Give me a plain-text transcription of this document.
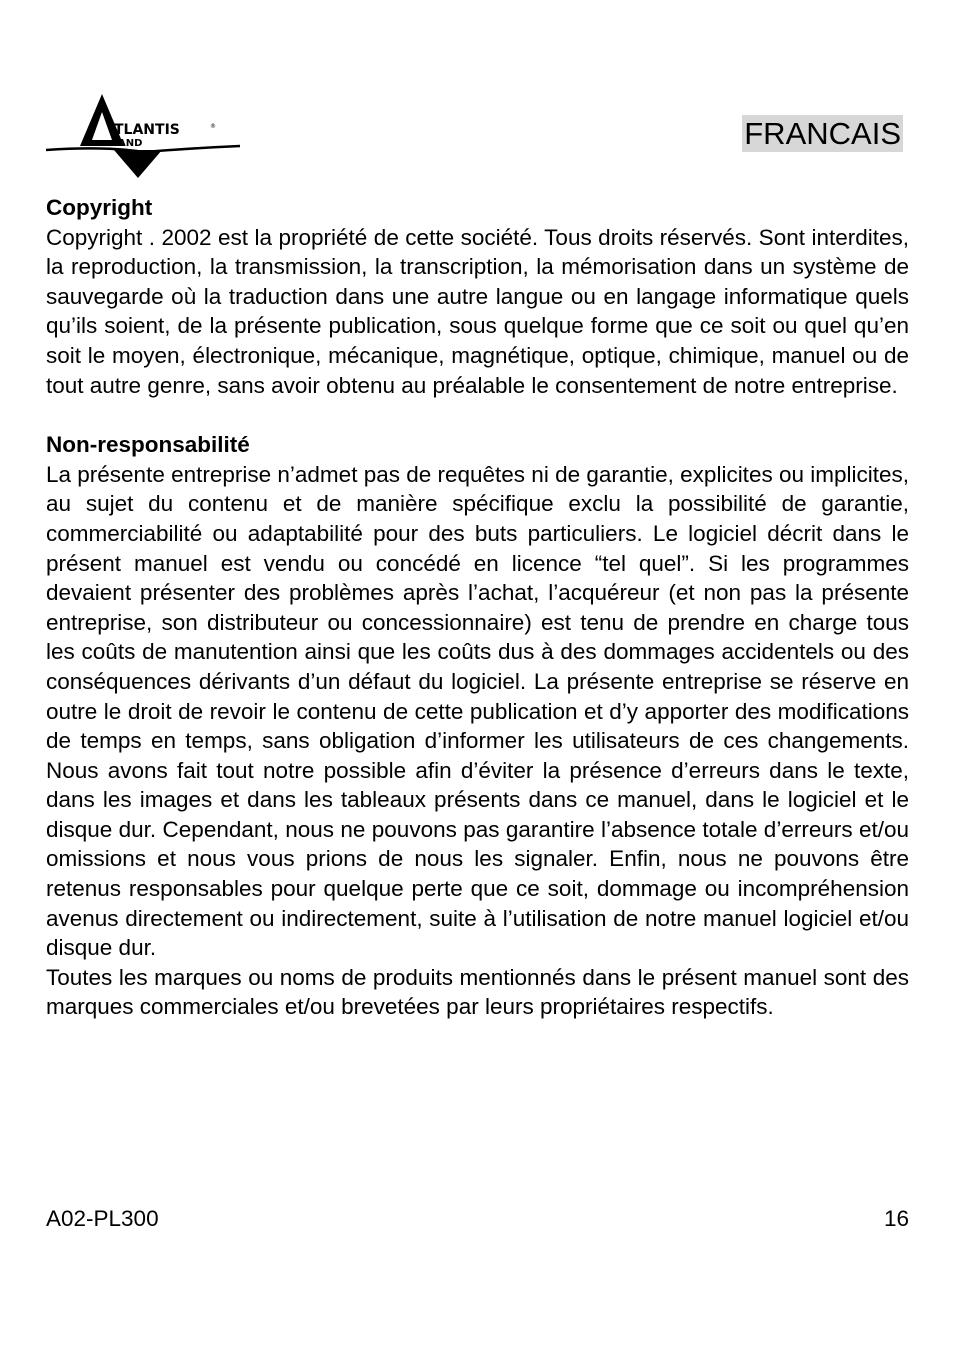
TLANTIS	®
AND	FRANCAIS

Copyright

Copyright . 2002 est la propriété de cette société. Tous droits réservés. Sont interdites, la reproduction, la transmission, la transcription, la mémorisation dans un système de sauvegarde où la traduction dans une autre langue ou en langage informatique quels qu’ils soient, de la présente publication, sous quelque forme que ce soit ou quel qu’en soit le moyen, électronique, mécanique, magnétique, optique, chimique, manuel ou de tout autre genre, sans avoir obtenu au préalable le consentement de notre entreprise.

Non-responsabilité

La présente entreprise n’admet pas de requêtes ni de garantie, explicites ou implicites, au sujet du contenu et de manière spécifique exclu la possibilité de garantie, commerciabilité ou adaptabilité pour des buts particuliers. Le logiciel décrit dans le présent manuel est vendu ou concédé en licence “tel quel”. Si les programmes devaient présenter des problèmes après l’achat, l’acquéreur (et non pas la présente entreprise, son distributeur ou concessionnaire) est tenu de prendre en charge tous les coûts de manutention ainsi que les coûts dus à des dommages accidentels ou des conséquences dérivants d’un défaut du logiciel. La présente entreprise se réserve en outre le droit de revoir le contenu de cette publication et d’y apporter des modifications de temps en temps, sans obligation d’informer les utilisateurs de ces changements. Nous avons fait tout notre possible afin d’éviter la présence d’erreurs dans le texte, dans les images et dans les tableaux présents dans ce manuel, dans le logiciel et le disque dur. Cependant, nous ne pouvons pas garantire l’absence totale d’erreurs et/ou omissions et nous vous prions de nous les signaler. Enfin, nous ne pouvons être retenus responsables pour quelque perte que ce soit, dommage ou incompréhension avenus directement ou indirectement, suite à l’utilisation de notre manuel logiciel et/ou disque dur.

Toutes les marques ou noms de produits mentionnés dans le présent manuel sont des marques commerciales et/ou brevetées par leurs propriétaires respectifs.

A02-PL300	16
